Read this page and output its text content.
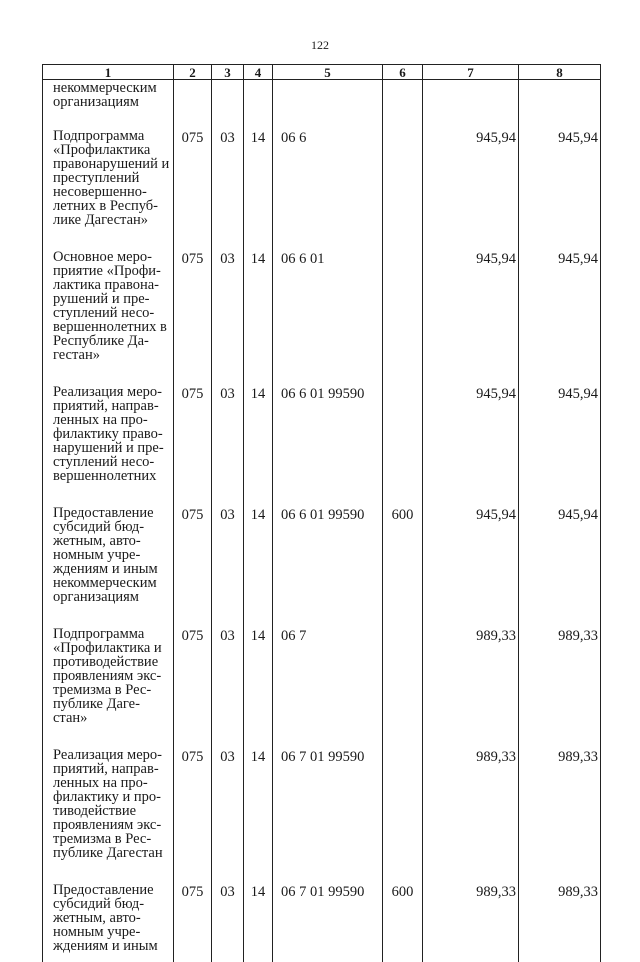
122
1	2	3	4	5	6	7	8
некоммерческим организациям							
Подпрограмма «Профилактика правонарушений и преступлений несовершенно-летних в Респуб-лике Дагестан»	075	03	14	06 6		945,94	945,94
Основное меро-приятие «Профи-лактика правона-рушений и пре-ступлений несо-вершеннолетних в Республике Да-гестан»	075	03	14	06 6 01		945,94	945,94
Реализация меро-приятий, направ-ленных на про-филактику право-нарушений и пре-ступлений несо-вершеннолетних	075	03	14	06 6 01 99590		945,94	945,94
Предоставление субсидий бюд-жетным, авто-номным учре-ждениям и иным некоммерческим организациям	075	03	14	06 6 01 99590	600	945,94	945,94
Подпрограмма «Профилактика и противодействие проявлениям экс-тремизма в Рес-публике Даге-стан»	075	03	14	06 7		989,33	989,33
Реализация меро-приятий, направ-ленных на про-филактику и про-тиводействие проявлениям экс-тремизма в Рес-публике Дагестан	075	03	14	06 7 01 99590		989,33	989,33
Предоставление субсидий бюд-жетным, авто-номным учре-ждениям и иным	075	03	14	06 7 01 99590	600	989,33	989,33
